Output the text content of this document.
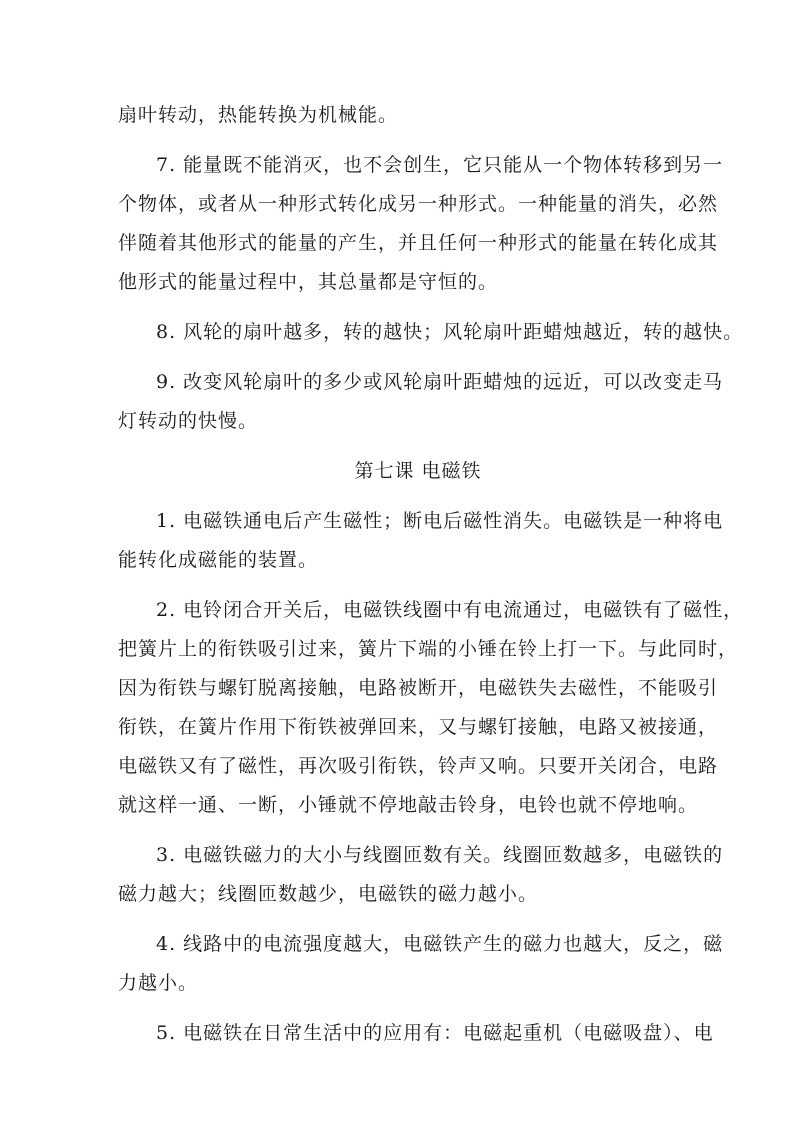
扇叶转动，热能转换为机械能。
7. 能量既不能消灭，也不会创生，它只能从一个物体转移到另一
个物体，或者从一种形式转化成另一种形式。一种能量的消失，必然
伴随着其他形式的能量的产生，并且任何一种形式的能量在转化成其
他形式的能量过程中，其总量都是守恒的。
8. 风轮的扇叶越多，转的越快；风轮扇叶距蜡烛越近，转的越快。
9. 改变风轮扇叶的多少或风轮扇叶距蜡烛的远近，可以改变走马
灯转动的快慢。
第七课 电磁铁
1. 电磁铁通电后产生磁性；断电后磁性消失。电磁铁是一种将电
能转化成磁能的装置。
2. 电铃闭合开关后，电磁铁线圈中有电流通过，电磁铁有了磁性，
把簧片上的衔铁吸引过来，簧片下端的小锤在铃上打一下。与此同时，
因为衔铁与螺钉脱离接触，电路被断开，电磁铁失去磁性，不能吸引
衔铁，在簧片作用下衔铁被弹回来，又与螺钉接触，电路又被接通，
电磁铁又有了磁性，再次吸引衔铁，铃声又响。只要开关闭合，电路
就这样一通、一断，小锤就不停地敲击铃身，电铃也就不停地响。
3. 电磁铁磁力的大小与线圈匝数有关。线圈匝数越多，电磁铁的
磁力越大；线圈匝数越少，电磁铁的磁力越小。
4. 线路中的电流强度越大，电磁铁产生的磁力也越大，反之，磁
力越小。
5. 电磁铁在日常生活中的应用有：电磁起重机（电磁吸盘）、电
